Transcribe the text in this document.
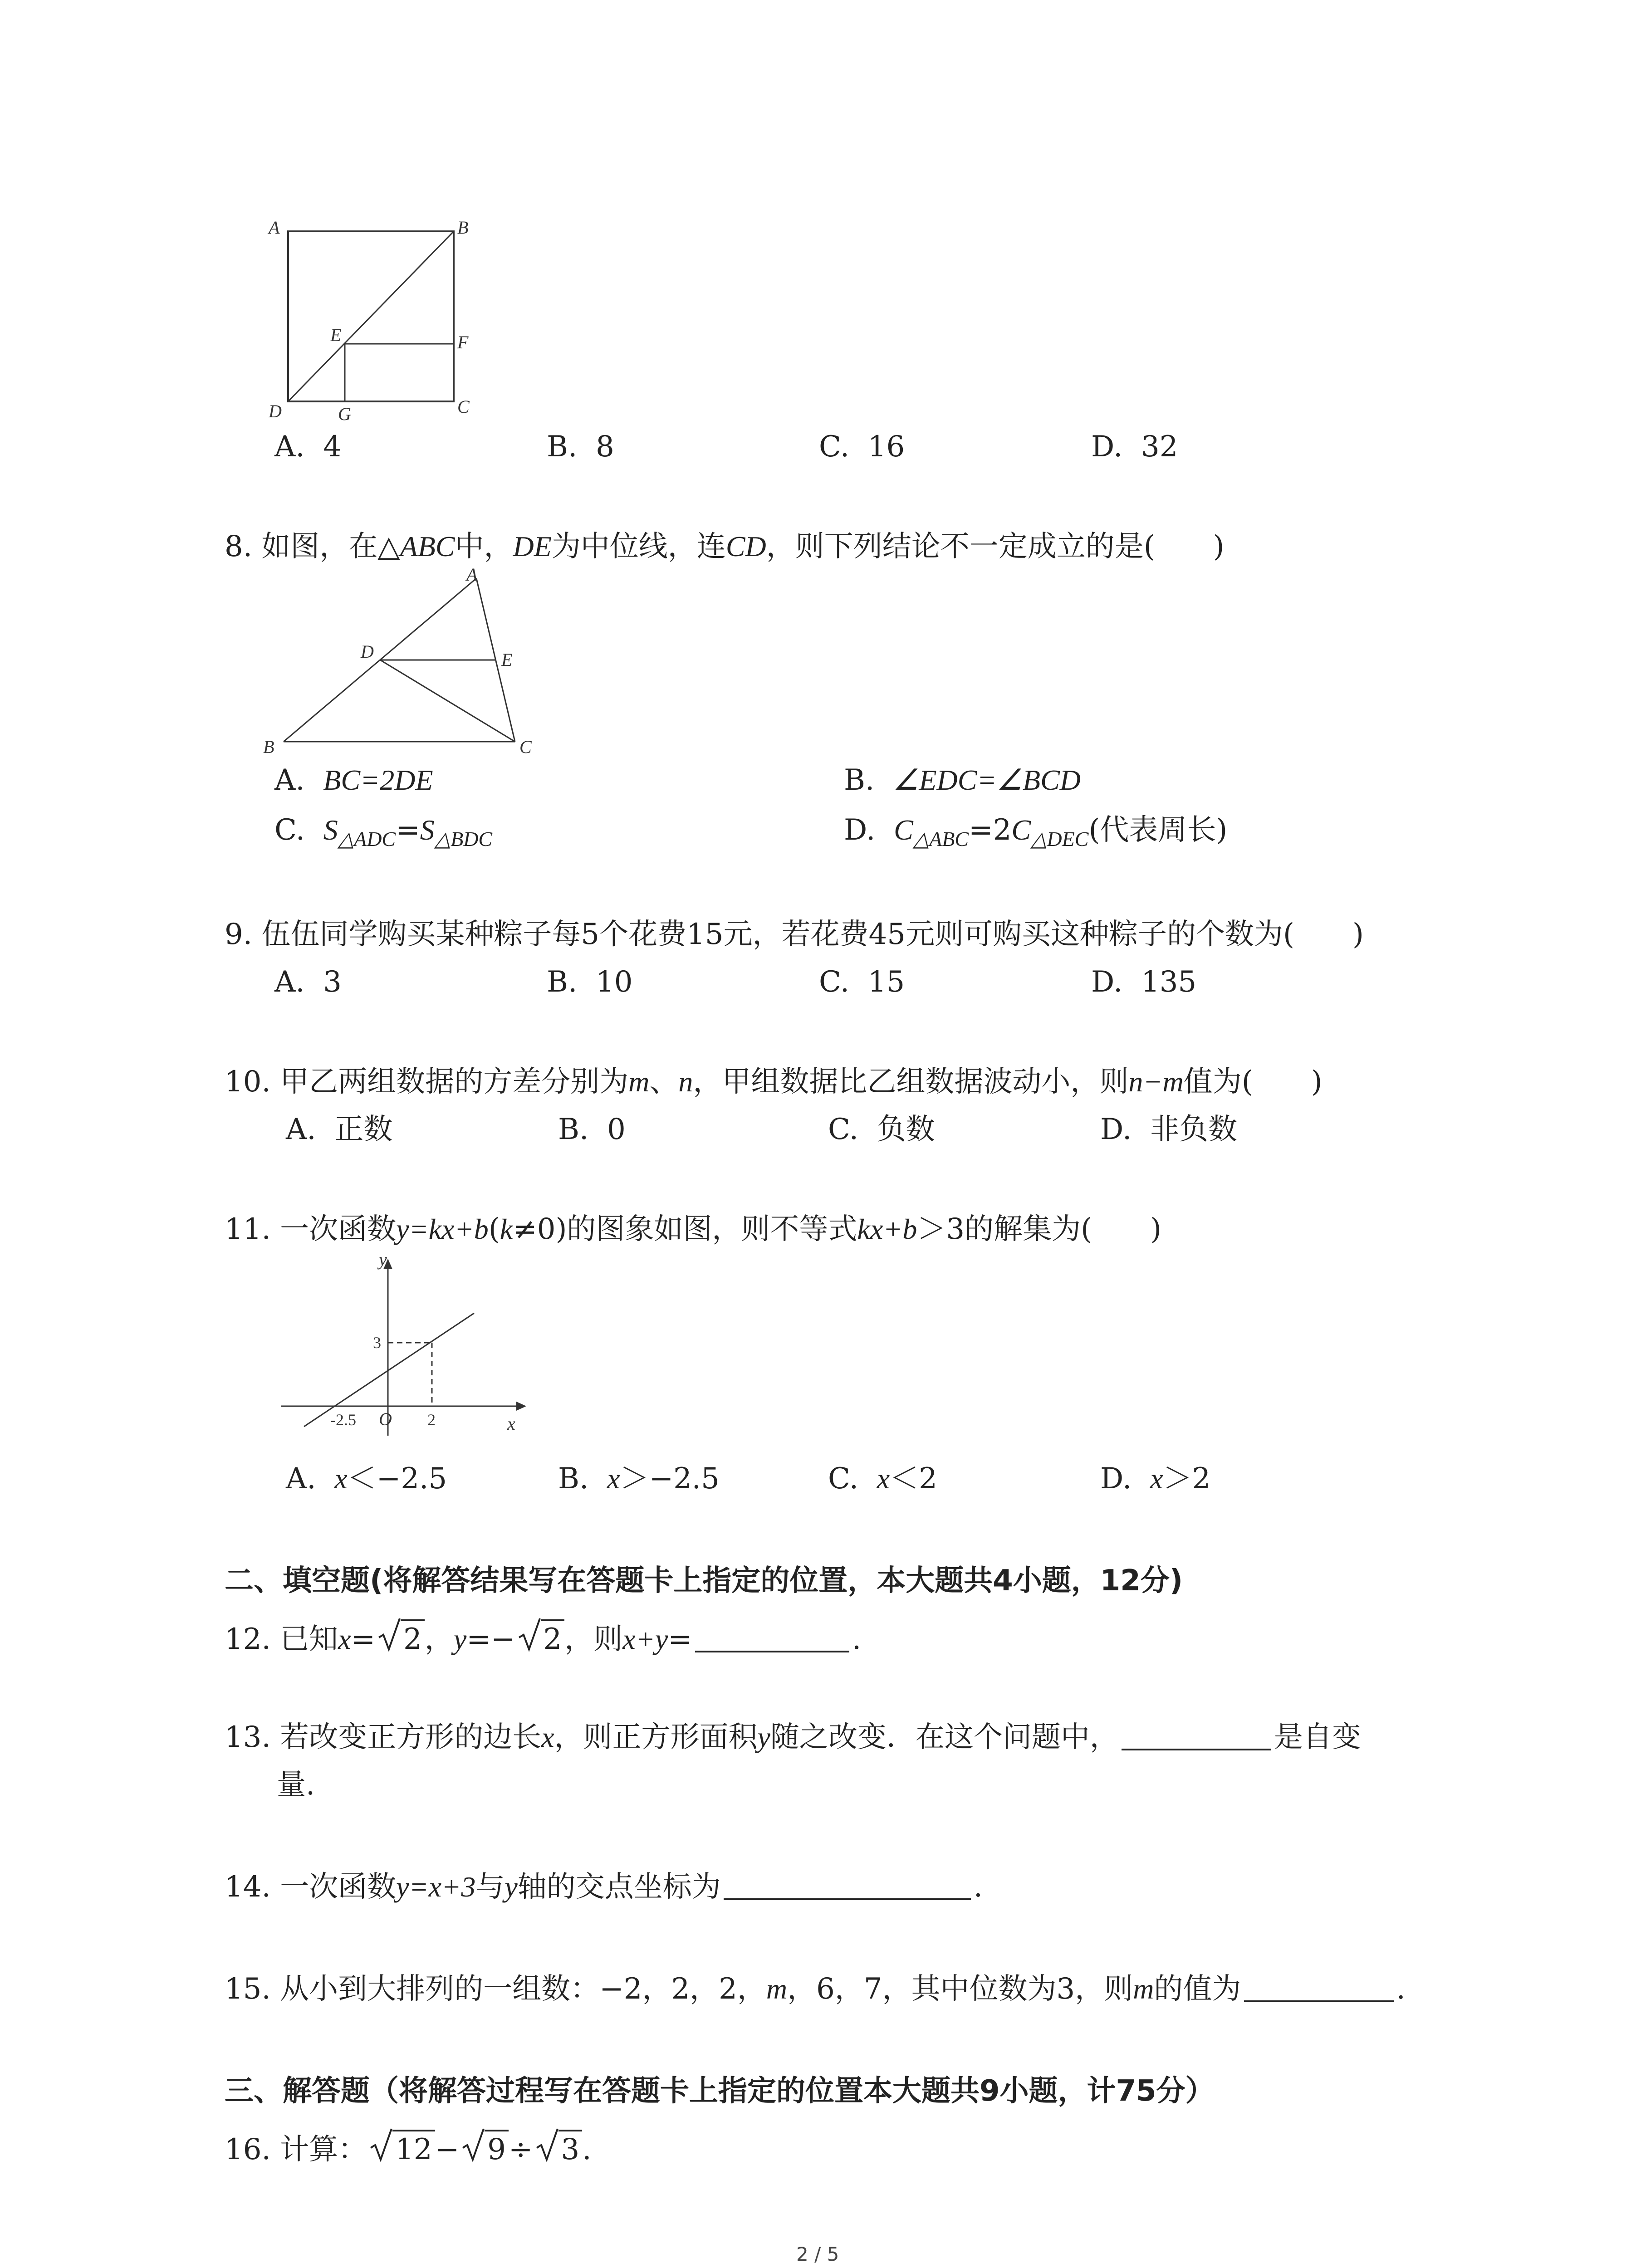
A	B
C
D
E	F
G
A. 4	B. 8	C. 16	D. 32
8. 如图，在△ABC中，DE为中位线，连CD，则下列结论不一定成立的是(　　)
A
B	C
D	E
A. BC=2DE	B. ∠EDC=∠BCD
C. $S_{\triangle ADC}=S_{\triangle BDC}$	D. $C_{\triangle ABC}=2C_{\triangle DEC}$(代表周长)
9. 伍伍同学购买某种粽子每5个花费15元，若花费45元则可购买这种粽子的个数为(　　)
A. 3	B. 10	C. 15	D. 135
10. 甲乙两组数据的方差分别为m、n，甲组数据比乙组数据波动小，则n−m值为(　　)
A. 正数	B. 0	C. 负数	D. 非负数
11. 一次函数y=kx+b(k≠0)的图象如图，则不等式kx+b＞3的解集为(　　)
y
x
O
3
-2.5	2
A. x＜−2.5	B. x＞−2.5	C. x＜2	D. x＞2
二、填空题(将解答结果写在答题卡上指定的位置，本大题共4小题，12分)
12. 已知x= 2，y=− 2，则x+y=	.
13. 若改变正方形的边长x，则正方形面积y随之改变．在这个问题中，	是自变
量.
14. 一次函数y=x+3与y轴的交点坐标为	.
15. 从小到大排列的一组数：−2，2，2，m，6，7，其中位数为3，则m的值为	.
三、解答题（将解答过程写在答题卡上指定的位置本大题共9小题，计75分）
16. 计算： 12− 9÷ 3.
2 / 5
